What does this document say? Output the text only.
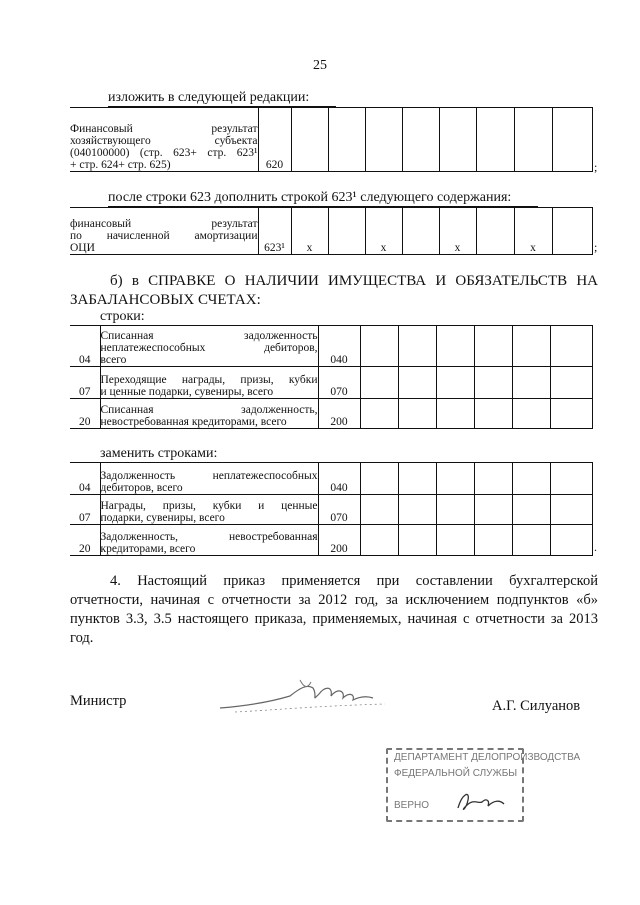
25
изложить в следующей редакции:
Финансовый результат
хозяйствующего субъекта
(040100000) (стр. 623+ стр. 623¹
+ стр. 624+ стр. 625)	620									;
после строки 623 дополнить строкой 623¹ следующего содержания:
финансовый результат
по начисленной амортизации
ОЦИ	623¹	х		х		х		х		;
б) в СПРАВКЕ О НАЛИЧИИ ИМУЩЕСТВА И ОБЯЗАТЕЛЬСТВ НА ЗАБАЛАНСОВЫХ СЧЕТАХ:
строки:
04	Списанная задолженность
неплатежеспособных дебиторов,
всего	040						
07	Переходящие награды, призы, кубки
и ценные подарки, сувениры, всего	070						
20	Списанная задолженность,
невостребованная кредиторами, всего	200						
заменить строками:
04	Задолженность неплатежеспособных
дебиторов, всего	040						
07	Награды, призы, кубки и ценные
подарки, сувениры, всего	070						
20	Задолженность, невостребованная
кредиторами, всего	200							.
4. Настоящий приказ применяется при составлении бухгалтерской отчетности, начиная с отчетности за 2012 год, за исключением подпунктов «б» пунктов 3.3, 3.5 настоящего приказа, применяемых, начиная с отчетности за 2013 год.
Министр	А.Г. Силуанов
ДЕПАРТАМЕНТ ДЕЛОПРОИЗВОДСТВА
ФЕДЕРАЛЬНОЙ СЛУЖБЫ
ВЕРНО
